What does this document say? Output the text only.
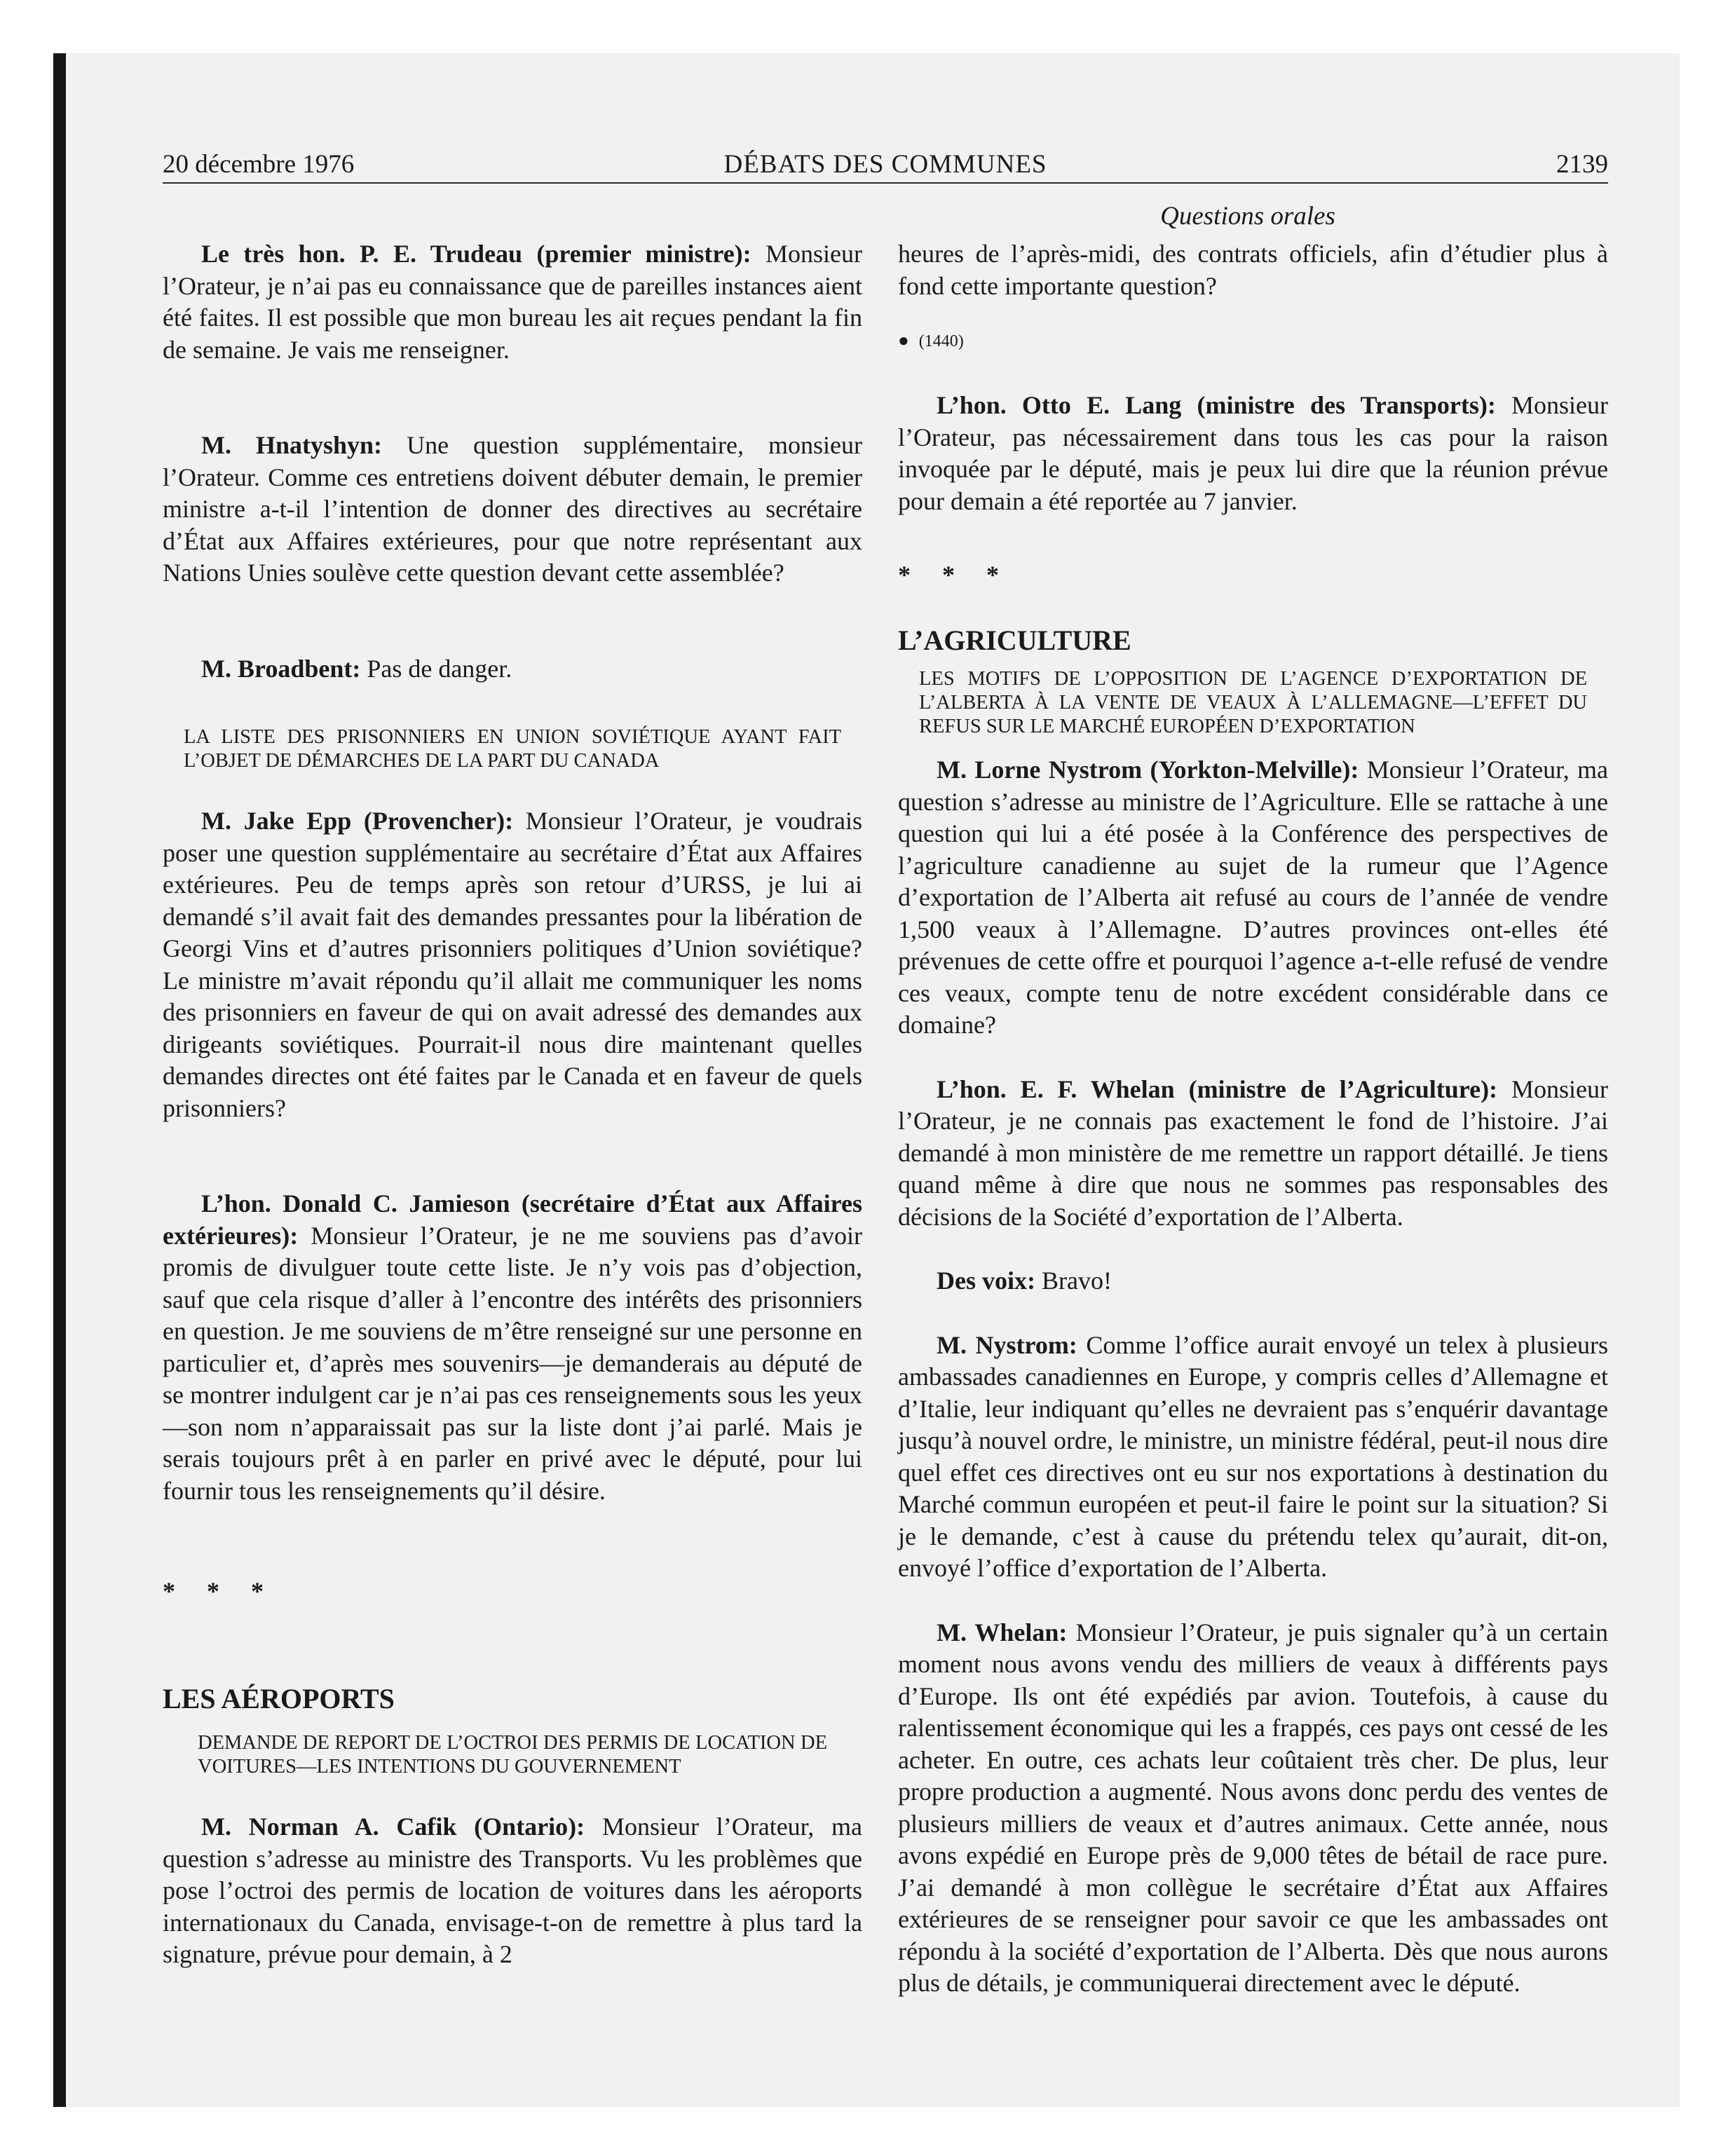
20 décembre 1976	DÉBATS DES COMMUNES	2139
Questions orales

Le très hon. P. E. Trudeau (premier ministre): Monsieur l’Orateur, je n’ai pas eu connaissance que de pareilles instances aient été faites. Il est possible que mon bureau les ait reçues pendant la fin de semaine. Je vais me renseigner.

M. Hnatyshyn: Une question supplémentaire, monsieur l’Orateur. Comme ces entretiens doivent débuter demain, le premier ministre a-t-il l’intention de donner des directives au secrétaire d’État aux Affaires extérieures, pour que notre représentant aux Nations Unies soulève cette question devant cette assemblée?

M. Broadbent: Pas de danger.

LA LISTE DES PRISONNIERS EN UNION SOVIÉTIQUE AYANT FAIT L’OBJET DE DÉMARCHES DE LA PART DU CANADA

M. Jake Epp (Provencher): Monsieur l’Orateur, je voudrais poser une question supplémentaire au secrétaire d’État aux Affaires extérieures. Peu de temps après son retour d’URSS, je lui ai demandé s’il avait fait des demandes pressantes pour la libération de Georgi Vins et d’autres prisonniers politiques d’Union soviétique? Le ministre m’avait répondu qu’il allait me communiquer les noms des prisonniers en faveur de qui on avait adressé des demandes aux dirigeants soviétiques. Pourrait-il nous dire maintenant quelles demandes directes ont été faites par le Canada et en faveur de quels prisonniers?

L’hon. Donald C. Jamieson (secrétaire d’État aux Affaires extérieures): Monsieur l’Orateur, je ne me souviens pas d’avoir promis de divulguer toute cette liste. Je n’y vois pas d’objection, sauf que cela risque d’aller à l’encontre des intérêts des prisonniers en question. Je me souviens de m’être renseigné sur une personne en particulier et, d’après mes souvenirs—je demanderais au député de se montrer indulgent car je n’ai pas ces renseignements sous les yeux—son nom n’apparaissait pas sur la liste dont j’ai parlé. Mais je serais toujours prêt à en parler en privé avec le député, pour lui fournir tous les renseignements qu’il désire.

* * *

LES AÉROPORTS

DEMANDE DE REPORT DE L’OCTROI DES PERMIS DE LOCATION DE VOITURES—LES INTENTIONS DU GOUVERNEMENT

M. Norman A. Cafik (Ontario): Monsieur l’Orateur, ma question s’adresse au ministre des Transports. Vu les problèmes que pose l’octroi des permis de location de voitures dans les aéroports internationaux du Canada, envisage-t-on de remettre à plus tard la signature, prévue pour demain, à 2

heures de l’après-midi, des contrats officiels, afin d’étudier plus à fond cette importante question?

● (1440)

L’hon. Otto E. Lang (ministre des Transports): Monsieur l’Orateur, pas nécessairement dans tous les cas pour la raison invoquée par le député, mais je peux lui dire que la réunion prévue pour demain a été reportée au 7 janvier.

* * *

L’AGRICULTURE

LES MOTIFS DE L’OPPOSITION DE L’AGENCE D’EXPORTATION DE L’ALBERTA À LA VENTE DE VEAUX À L’ALLEMAGNE—L’EFFET DU REFUS SUR LE MARCHÉ EUROPÉEN D’EXPORTATION

M. Lorne Nystrom (Yorkton-Melville): Monsieur l’Orateur, ma question s’adresse au ministre de l’Agriculture. Elle se rattache à une question qui lui a été posée à la Conférence des perspectives de l’agriculture canadienne au sujet de la rumeur que l’Agence d’exportation de l’Alberta ait refusé au cours de l’année de vendre 1,500 veaux à l’Allemagne. D’autres provinces ont-elles été prévenues de cette offre et pourquoi l’agence a-t-elle refusé de vendre ces veaux, compte tenu de notre excédent considérable dans ce domaine?

L’hon. E. F. Whelan (ministre de l’Agriculture): Monsieur l’Orateur, je ne connais pas exactement le fond de l’histoire. J’ai demandé à mon ministère de me remettre un rapport détaillé. Je tiens quand même à dire que nous ne sommes pas responsables des décisions de la Société d’exportation de l’Alberta.

Des voix: Bravo!

M. Nystrom: Comme l’office aurait envoyé un telex à plusieurs ambassades canadiennes en Europe, y compris celles d’Allemagne et d’Italie, leur indiquant qu’elles ne devraient pas s’enquérir davantage jusqu’à nouvel ordre, le ministre, un ministre fédéral, peut-il nous dire quel effet ces directives ont eu sur nos exportations à destination du Marché commun européen et peut-il faire le point sur la situation? Si je le demande, c’est à cause du prétendu telex qu’aurait, dit-on, envoyé l’office d’exportation de l’Alberta.

M. Whelan: Monsieur l’Orateur, je puis signaler qu’à un certain moment nous avons vendu des milliers de veaux à différents pays d’Europe. Ils ont été expédiés par avion. Toutefois, à cause du ralentissement économique qui les a frappés, ces pays ont cessé de les acheter. En outre, ces achats leur coûtaient très cher. De plus, leur propre production a augmenté. Nous avons donc perdu des ventes de plusieurs milliers de veaux et d’autres animaux. Cette année, nous avons expédié en Europe près de 9,000 têtes de bétail de race pure. J’ai demandé à mon collègue le secrétaire d’État aux Affaires extérieures de se renseigner pour savoir ce que les ambassades ont répondu à la société d’exportation de l’Alberta. Dès que nous aurons plus de détails, je communiquerai directement avec le député.
